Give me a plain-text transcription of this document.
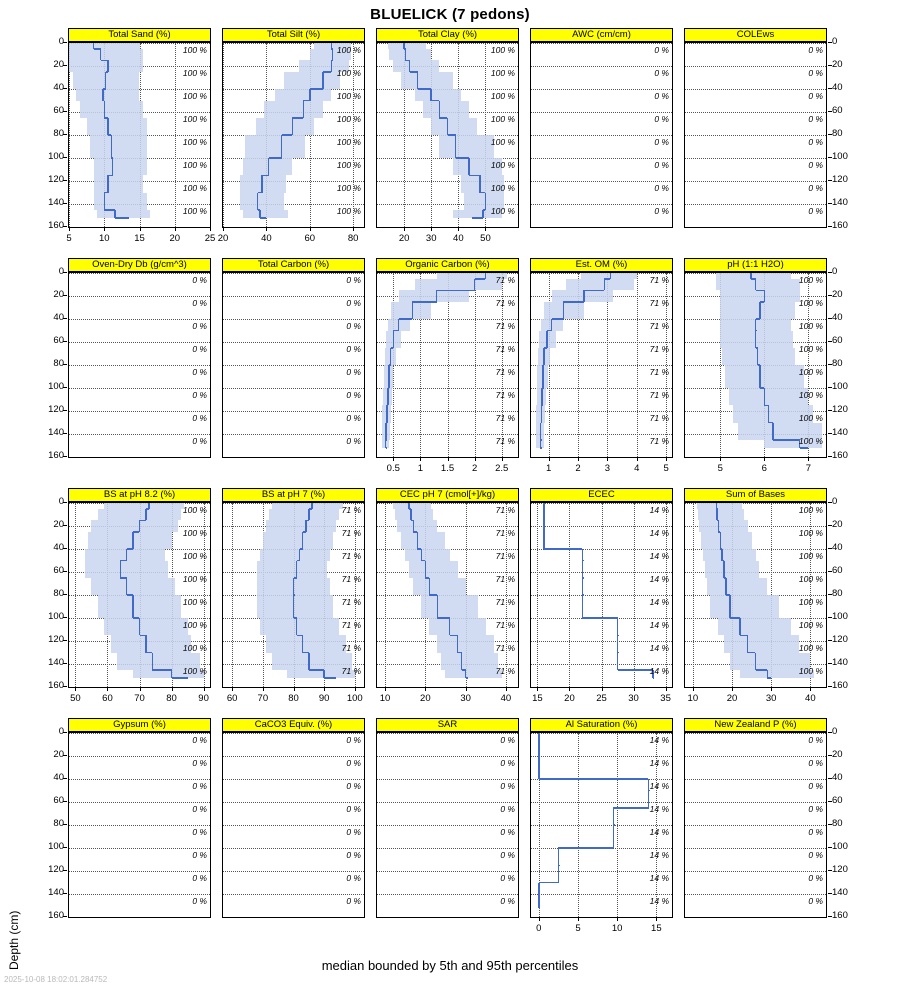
BLUELICK (7 pedons)
Depth (cm)
Total Sand (%)
100 %
100 %
100 %
100 %
100 %
100 %
100 %
100 %
5	10	15	20	25
0
20
40
60
80
100
120
140
160
Total Silt (%)
100 %
100 %
100 %
100 %
100 %
100 %
100 %
100 %
20	40	60	80
Total Clay (%)
100 %
100 %
100 %
100 %
100 %
100 %
100 %
100 %
20 30 40 50
AWC (cm/cm)
0 %
0 %
0 %
0 %
0 %
0 %
0 %
0 %
COLEws
0 %
0 %
0 %
0 %
0 %
0 %
0 %
0 %
0
20
40
60
80
100
120
140
160
Oven-Dry Db (g/cm^3)
0 %
0 %
0 %
0 %
0 %
0 %
0 %
0 %
0
20
40
60
80
100
120
140
160
Total Carbon (%)
0 %
0 %
0 %
0 %
0 %
0 %
0 %
0 %
Organic Carbon (%)
71 %
71 %
71 %
71 %
71 %
71 %
71 %
71 %
0.5 1 1.5 2 2.5
Est. OM (%)
71 %
71 %
71 %
71 %
71 %
71 %
71 %
71 %
1	2	3	4	5
pH (1:1 H2O)
100 %
100 %
100 %
100 %
100 %
100 %
100 %
100 %
5	6	7
0
20
40
60
80
100
120
140
160
BS at pH 8.2 (%)
100 %
100 %
100 %
100 %
100 %
100 %
100 %
100 %
50 60 70 80 90
0
20
40
60
80
100
120
140
160
BS at pH 7 (%)
71 %
71 %
71 %
71 %
71 %
71 %
71 %
71 %
60 70 80 90 100
CEC pH 7 (cmol[+]/kg)
71 %
71 %
71 %
71 %
71 %
71 %
71 %
71 %
10	20	30	40
ECEC
14 %
14 %
14 %
14 %
14 %
14 %
14 %
14 %
15 20 25 30 35
Sum of Bases
100 %
100 %
100 %
100 %
100 %
100 %
100 %
100 %
10	20	30	40
0
20
40
60
80
100
120
140
160
Gypsum (%)
0 %
0 %
0 %
0 %
0 %
0 %
0 %
0 %
0
20
40
60
80
100
120
140
160
CaCO3 Equiv. (%)
0 %
0 %
0 %
0 %
0 %
0 %
0 %
0 %
SAR
0 %
0 %
0 %
0 %
0 %
0 %
0 %
0 %
Al Saturation (%)
14 %
14 %
14 %
14 %
14 %
14 %
14 %
14 %
0	5	10	15
New Zealand P (%)
0 %
0 %
0 %
0 %
0 %
0 %
0 %
0 %
0
20
40
60
80
100
120
140
160
median bounded by 5th and 95th percentiles
2025-10-08 18:02:01.284752
